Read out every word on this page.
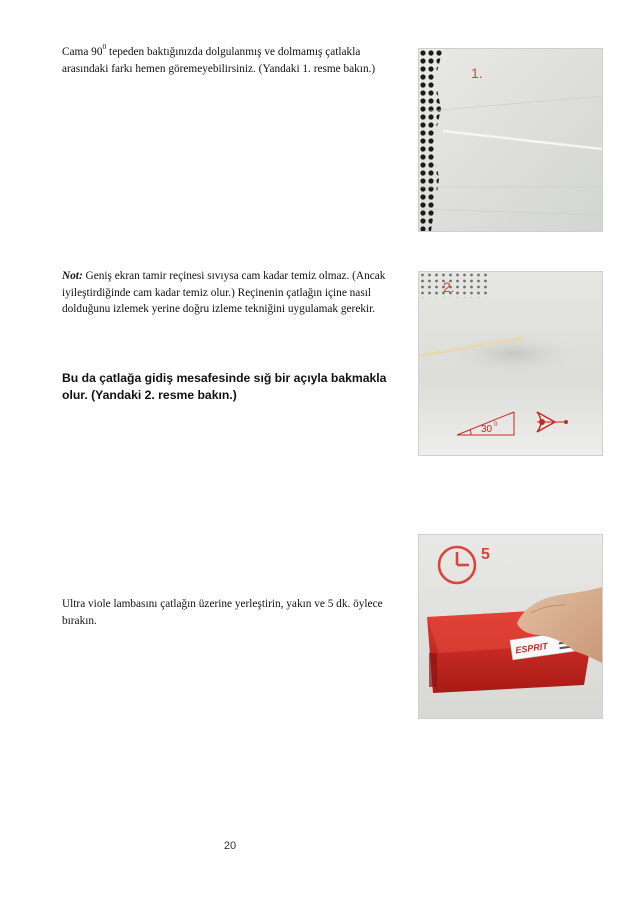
Cama $90^0$ tepeden baktığınızda dolgulanmış ve dolmamış çatlakla arasındaki farkı hemen göremeyebilirsiniz. (Yandaki 1. resme bakın.)	1.
Not: Geniş ekran tamir reçinesi sıvıysa cam kadar temiz olmaz. (Ancak iyileştirdiğinde cam kadar temiz olur.) Reçinenin çatlağın içine nasıl dolduğunu izlemek yerine doğru izleme tekniğini uygulamak gerekir.
Bu da çatlağa gidiş mesafesinde sığ bir açıyla bakmakla olur. (Yandaki 2. resme bakın.)
2.
30 0
Ultra viole lambasını çatlağın üzerine yerleştirin, yakın ve 5 dk. öylece bırakın.
5
ESPRIT
20
